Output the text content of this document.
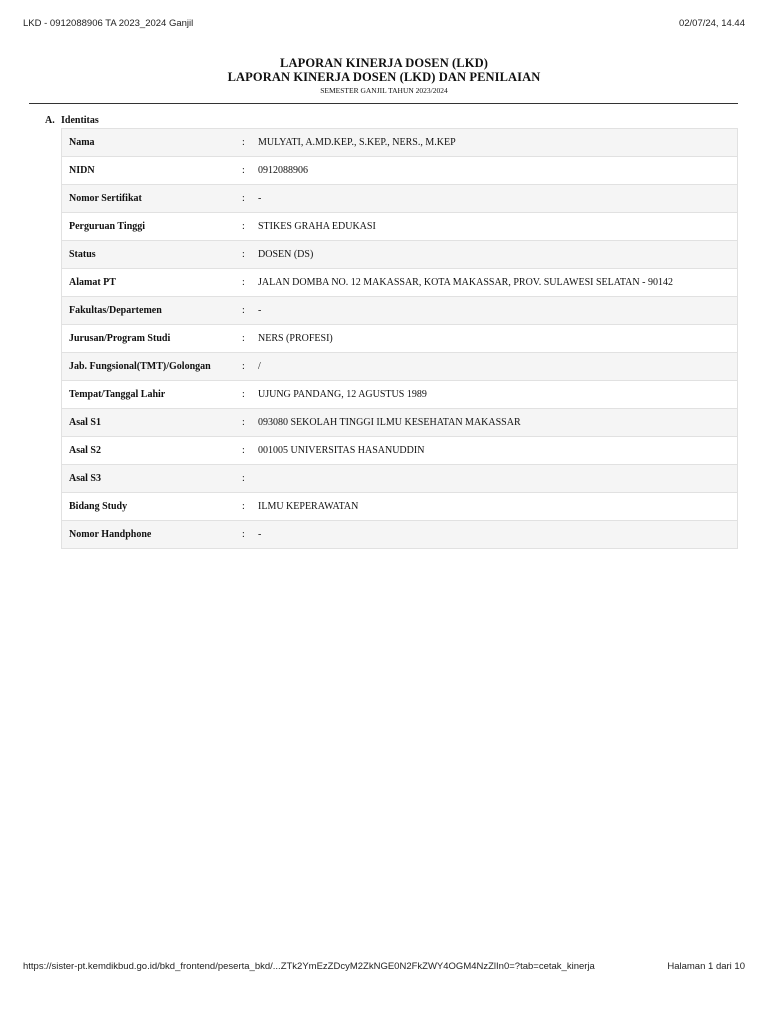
LKD - 0912088906 TA 2023_2024 Ganjil	02/07/24, 14.44
LAPORAN KINERJA DOSEN (LKD)
LAPORAN KINERJA DOSEN (LKD) DAN PENILAIAN
SEMESTER GANJIL TAHUN 2023/2024
A. Identitas
Nama	:	MULYATI, A.MD.KEP., S.KEP., NERS., M.KEP
NIDN	:	0912088906
Nomor Sertifikat	:	-
Perguruan Tinggi	:	STIKES GRAHA EDUKASI
Status	:	DOSEN (DS)
Alamat PT	:	JALAN DOMBA NO. 12 MAKASSAR, KOTA MAKASSAR, PROV. SULAWESI SELATAN - 90142
Fakultas/Departemen	:	-
Jurusan/Program Studi	:	NERS (PROFESI)
Jab. Fungsional(TMT)/Golongan	:	/
Tempat/Tanggal Lahir	:	UJUNG PANDANG, 12 AGUSTUS 1989
Asal S1	:	093080 SEKOLAH TINGGI ILMU KESEHATAN MAKASSAR
Asal S2	:	001005 UNIVERSITAS HASANUDDIN
Asal S3	:	
Bidang Study	:	ILMU KEPERAWATAN
Nomor Handphone	:	-
https://sister-pt.kemdikbud.go.id/bkd_frontend/peserta_bkd/...ZTk2YmEzZDcyM2ZkNGE0N2FkZWY4OGM4NzZlIn0=?tab=cetak_kinerja	Halaman 1 dari 10
